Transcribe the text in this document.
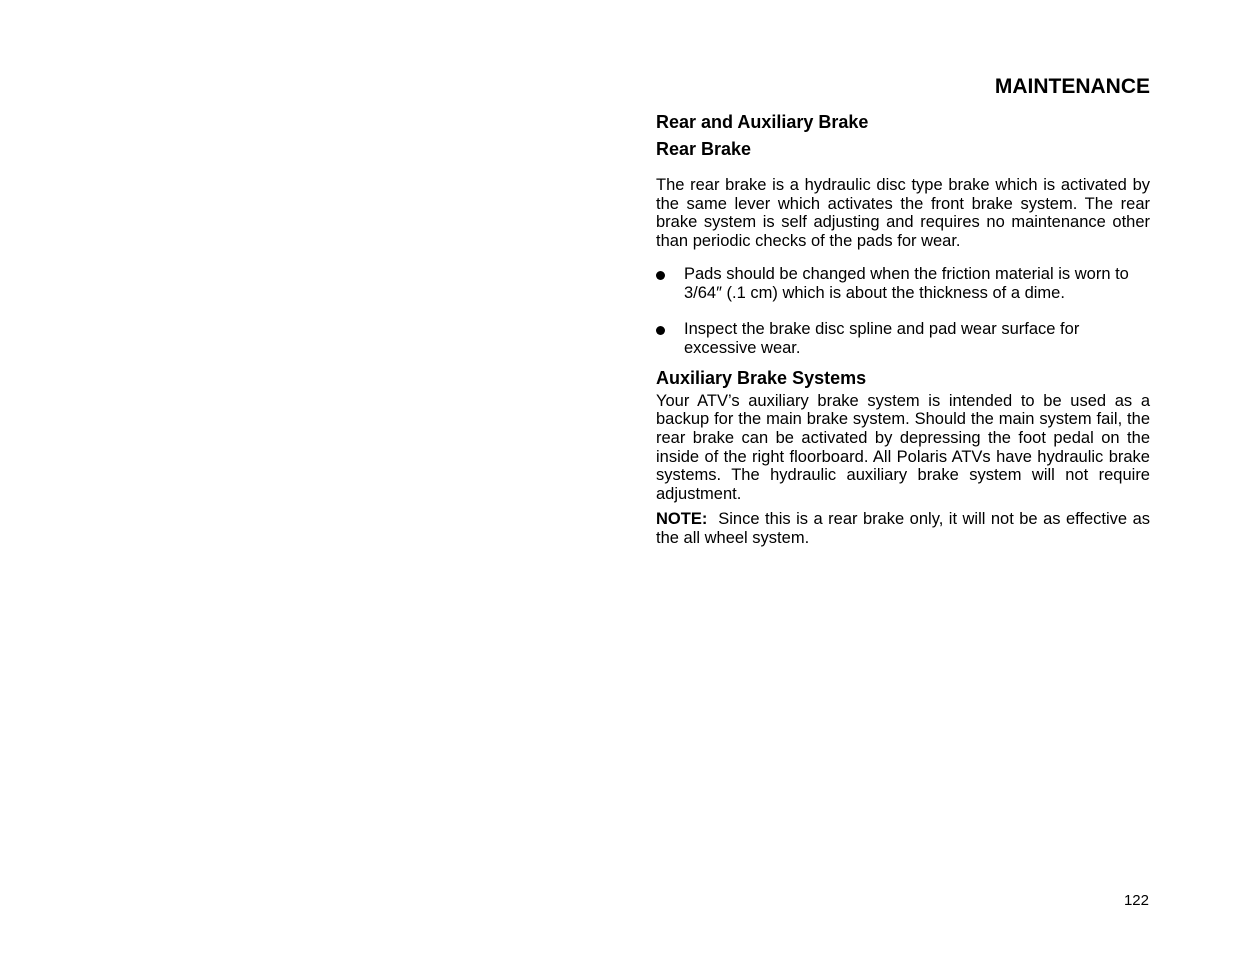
MAINTENANCE
Rear and Auxiliary Brake
Rear Brake

The rear brake is a hydraulic disc type brake which is activated by the same lever which activates the front brake system. The rear brake system is self adjusting and requires no maintenance other than periodic checks of the pads for wear.

Pads should be changed when the friction material is worn to 3/64″ (.1 cm) which is about the thickness of a dime.
Inspect the brake disc spline and pad wear surface for excessive wear.
Auxiliary Brake Systems

Your ATV’s auxiliary brake system is intended to be used as a backup for the main brake system. Should the main system fail, the rear brake can be activated by depressing the foot pedal on the inside of the right floorboard. All Polaris ATVs have hydraulic brake systems. The hydraulic auxiliary brake system will not require adjustment.

NOTE: Since this is a rear brake only, it will not be as effective as the all wheel system.

122
